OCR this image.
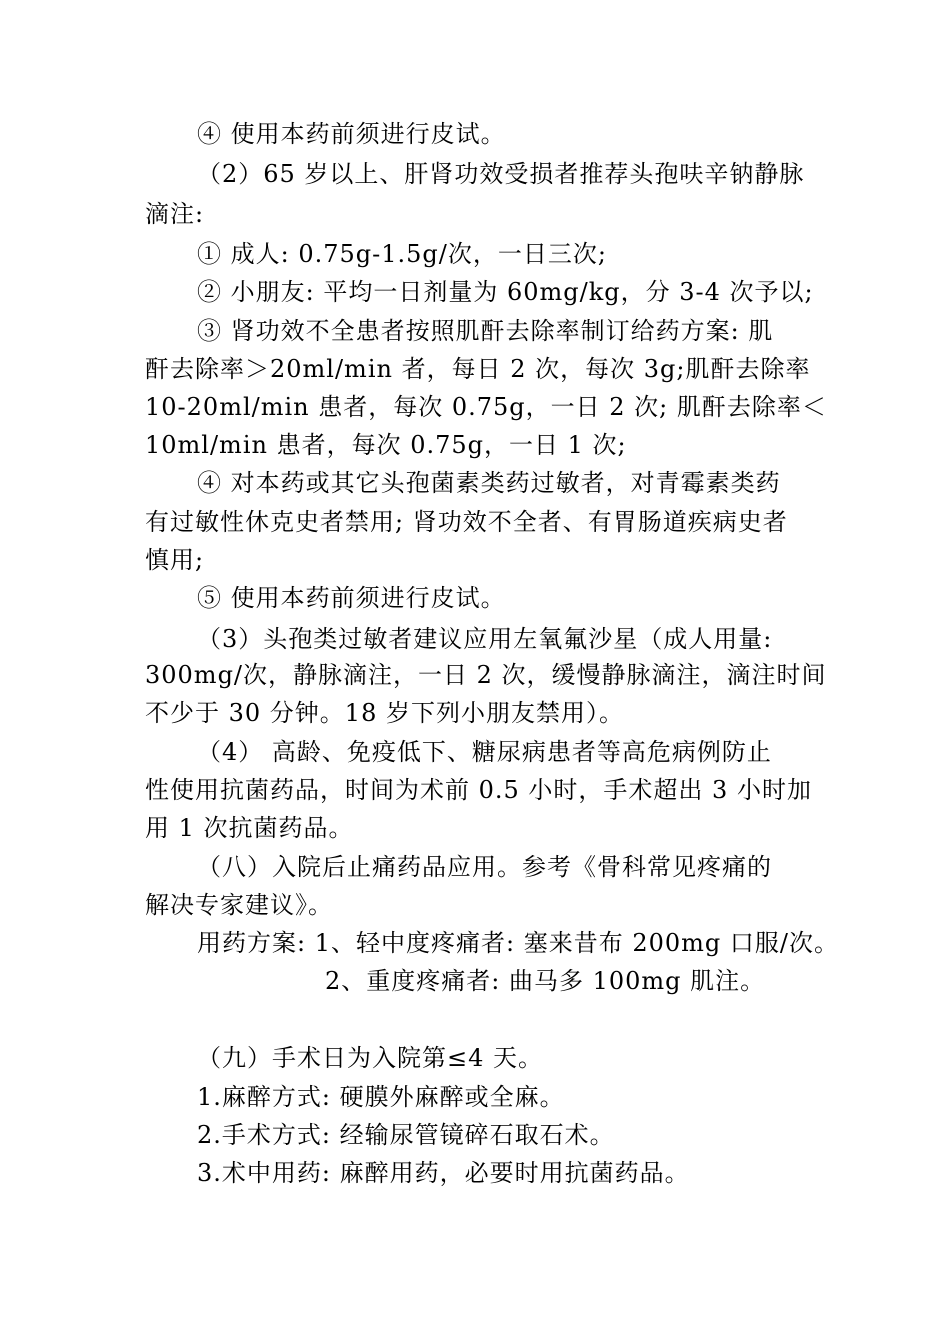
④ 使用本药前须进行皮试。
（2）65 岁以上、肝肾功效受损者推荐头孢呋辛钠静脉
滴注:
① 成人: 0.75g-1.5g/次，一日三次;
② 小朋友: 平均一日剂量为 60mg/kg，分 3-4 次予以;
③ 肾功效不全患者按照肌酐去除率制订给药方案: 肌
酐去除率＞20ml/min 者，每日 2 次，每次 3g;肌酐去除率
10-20ml/min 患者，每次 0.75g，一日 2 次; 肌酐去除率＜
10ml/min 患者，每次 0.75g，一日 1 次;
④ 对本药或其它头孢菌素类药过敏者，对青霉素类药
有过敏性休克史者禁用; 肾功效不全者、有胃肠道疾病史者
慎用;
⑤ 使用本药前须进行皮试。
（3）头孢类过敏者建议应用左氧氟沙星（成人用量:
300mg/次，静脉滴注，一日 2 次，缓慢静脉滴注，滴注时间
不少于 30 分钟。18 岁下列小朋友禁用）。
（4） 高龄、免疫低下、糖尿病患者等高危病例防止
性使用抗菌药品，时间为术前 0.5 小时，手术超出 3 小时加
用 1 次抗菌药品。
（八）入院后止痛药品应用。参考《骨科常见疼痛的
解决专家建议》。
用药方案: 1、轻中度疼痛者: 塞来昔布 200mg 口服/次。
2、重度疼痛者: 曲马多 100mg 肌注。
（九）手术日为入院第≤4 天。
1.麻醉方式: 硬膜外麻醉或全麻。
2.手术方式: 经输尿管镜碎石取石术。
3.术中用药: 麻醉用药，必要时用抗菌药品。
